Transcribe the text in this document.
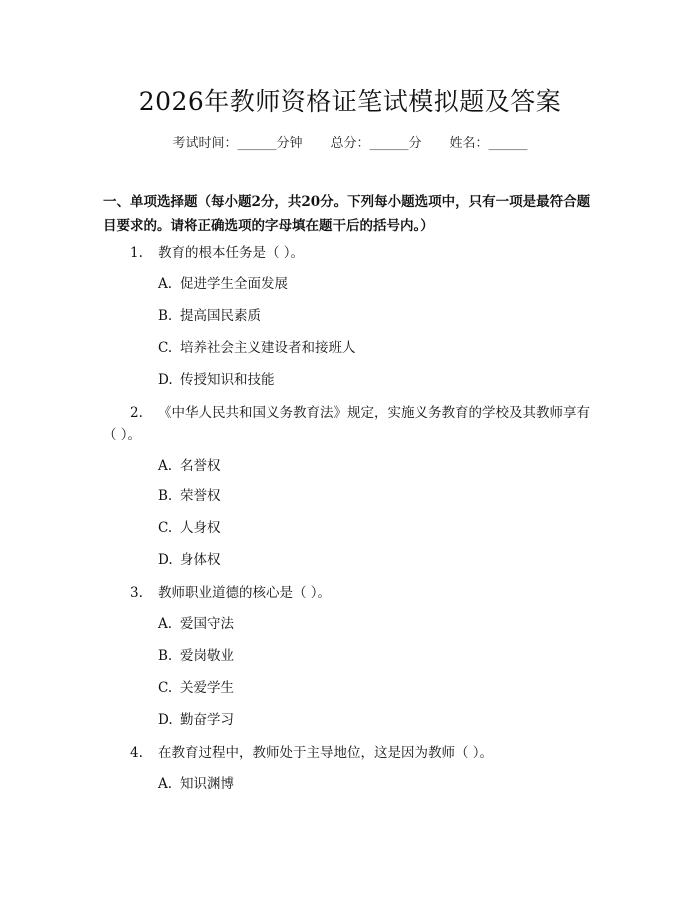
2026年教师资格证笔试模拟题及答案
考试时间：______分钟 总分：______分 姓名：______
一、单项选择题（每小题2分，共20分。下列每小题选项中，只有一项是最符合题目要求的。请将正确选项的字母填在题干后的括号内。）
1. 教育的根本任务是（ ）。
A. 促进学生全面发展
B. 提高国民素质
C. 培养社会主义建设者和接班人
D. 传授知识和技能
2. 《中华人民共和国义务教育法》规定，实施义务教育的学校及其教师享有（ ）。
A. 名誉权
B. 荣誉权
C. 人身权
D. 身体权
3. 教师职业道德的核心是（ ）。
A. 爱国守法
B. 爱岗敬业
C. 关爱学生
D. 勤奋学习
4. 在教育过程中，教师处于主导地位，这是因为教师（ ）。
A. 知识渊博
